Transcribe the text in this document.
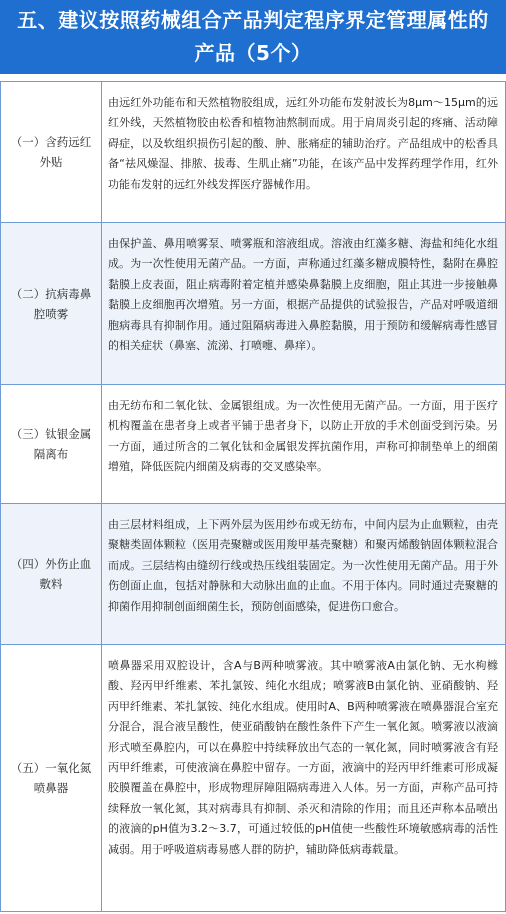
五、建议按照药械组合产品判定程序界定管理属性的产品（5个）
（一）含药远红外贴
由远红外功能布和天然植物胶组成，远红外功能布发射波长为8μm～15μm的远红外线，天然植物胶由松香和植物油熬制而成。用于肩周炎引起的疼痛、活动障碍症，以及软组织损伤引起的酸、肿、胀痛症的辅助治疗。产品组成中的松香具备“祛风燥湿、排脓、拔毒、生肌止痛”功能，在该产品中发挥药理学作用，红外功能布发射的远红外线发挥医疗器械作用。
（二）抗病毒鼻腔喷雾
由保护盖、鼻用喷雾泵、喷雾瓶和溶液组成。溶液由红藻多糖、海盐和纯化水组成。为一次性使用无菌产品。一方面，声称通过红藻多糖成膜特性，黏附在鼻腔黏膜上皮表面，阻止病毒附着定植并感染鼻黏膜上皮细胞，阻止其进一步接触鼻黏膜上皮细胞再次增殖。另一方面，根据产品提供的试验报告，产品对呼吸道细胞病毒具有抑制作用。通过阻隔病毒进入鼻腔黏膜，用于预防和缓解病毒性感冒的相关症状（鼻塞、流涕、打喷嚏、鼻痒）。
（三）钛银金属隔离布
由无纺布和二氧化钛、金属银组成。为一次性使用无菌产品。一方面，用于医疗机构覆盖在患者身上或者平铺于患者身下，以防止开放的手术创面受到污染。另一方面，通过所含的二氧化钛和金属银发挥抗菌作用，声称可抑制垫单上的细菌增殖，降低医院内细菌及病毒的交叉感染率。
（四）外伤止血敷料
由三层材料组成，上下两外层为医用纱布或无纺布，中间内层为止血颗粒，由壳聚糖类固体颗粒（医用壳聚糖或医用羧甲基壳聚糖）和聚丙烯酸钠固体颗粒混合而成。三层结构由缝纫行线或热压线组装固定。为一次性使用无菌产品。用于外伤创面止血，包括对静脉和大动脉出血的止血。不用于体内。同时通过壳聚糖的抑菌作用抑制创面细菌生长，预防创面感染，促进伤口愈合。
（五）一氧化氮喷鼻器
喷鼻器采用双腔设计，含A与B两种喷雾液。其中喷雾液A由氯化钠、无水枸橼酸、羟丙甲纤维素、苯扎氯铵、纯化水组成；喷雾液B由氯化钠、亚硝酸钠、羟丙甲纤维素、苯扎氯铵、纯化水组成。使用时A、B两种喷雾液在喷鼻器混合室充分混合，混合液呈酸性，使亚硝酸钠在酸性条件下产生一氧化氮。喷雾液以液滴形式喷至鼻腔内，可以在鼻腔中持续释放出气态的一氧化氮，同时喷雾液含有羟丙甲纤维素，可使液滴在鼻腔中留存。一方面，液滴中的羟丙甲纤维素可形成凝胶膜覆盖在鼻腔中，形成物理屏障阻隔病毒进入人体。另一方面，声称产品可持续释放一氧化氮，其对病毒具有抑制、杀灭和清除的作用；而且还声称本品喷出的液滴的pH值为3.2～3.7，可通过较低的pH值使一些酸性环境敏感病毒的活性减弱。用于呼吸道病毒易感人群的防护，辅助降低病毒载量。
